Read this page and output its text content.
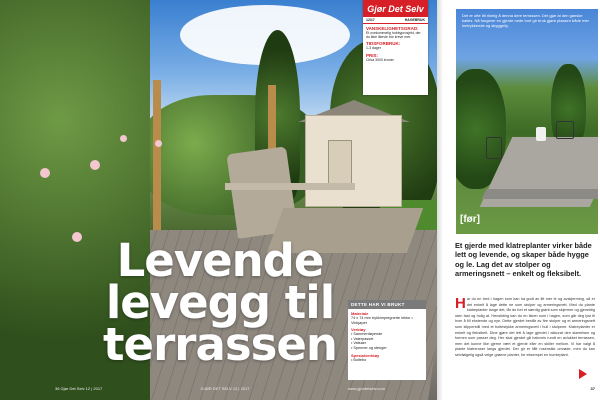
Gjør Det Selv
12/17	HAGEBRUK
VANSKELIGHETSGRAD:
Et ovekommelig hobbyprosjekt, der du ikke likevle bór kreve mer.
TIDSFORBRUK:
1-3 dager
PRIS:
Cirka 3000 kroner
Levende
levegg til
terrassen
DETTE HAR VI BRUKT
Materiale
74 x 74 mm trykkimpregnerte lektor • Vinkjøper
Verktøy
• Sammenføyende
• Vaterpasset
• Vatsaer
• Spenner og stenger
Spesialverktøy
• Boltebo
36 Gjør Det Selv 12 | 2017	GJØR DET SELV 12 | 2017	www.gjordetselv.com
Det er ofte litt rikelig å denna dere terrassen. Det gjør at den ganske kalles. Nå fungerer en gjerde nede bort gir bruk gjøre plassen både mer inntrykkende og skygge/ly.
[før]

Et gjerde med klatreplanter virker både lett og levende, og skaper både hygge og le. Lag det av stolper og armeringsnett – enkelt og fleksibelt.

Har du en tred i hagen som kan ha godt av litt mer le og avskjerming, så er det enkelt å lage dette ne som stolper og armeringsnett. Med du plante klatreplanter lange det, får du fort et særdig grønt som skjermer og gjeneldig uten fast og holig at. Hensikting kan du en ikken som i hagen, som går deg lyst til hver å fill ekstende og nye. Dette gjerdet består av fire stolper og et armeringsnett som klipperstill med et boltestykke armeringsnett i hull i stolpene. Klatreplanter er enkelt og fleksibelt. Dine gjøre det lett å lage gjerdet i akkurat den størrelsen og formen som passer deg. Her skal gjerdet gå halvveis rundt en avlukket terrassen, men det kunne like gjerne vært et gjerde eller en skiller mellom. Vi har valgt å plante klatreroser langs gjerdet. Der gir er fått rosensikk omrøde, men du kan selvfølgelig også velge grønne planter, for eksempel en humleplant.

37
